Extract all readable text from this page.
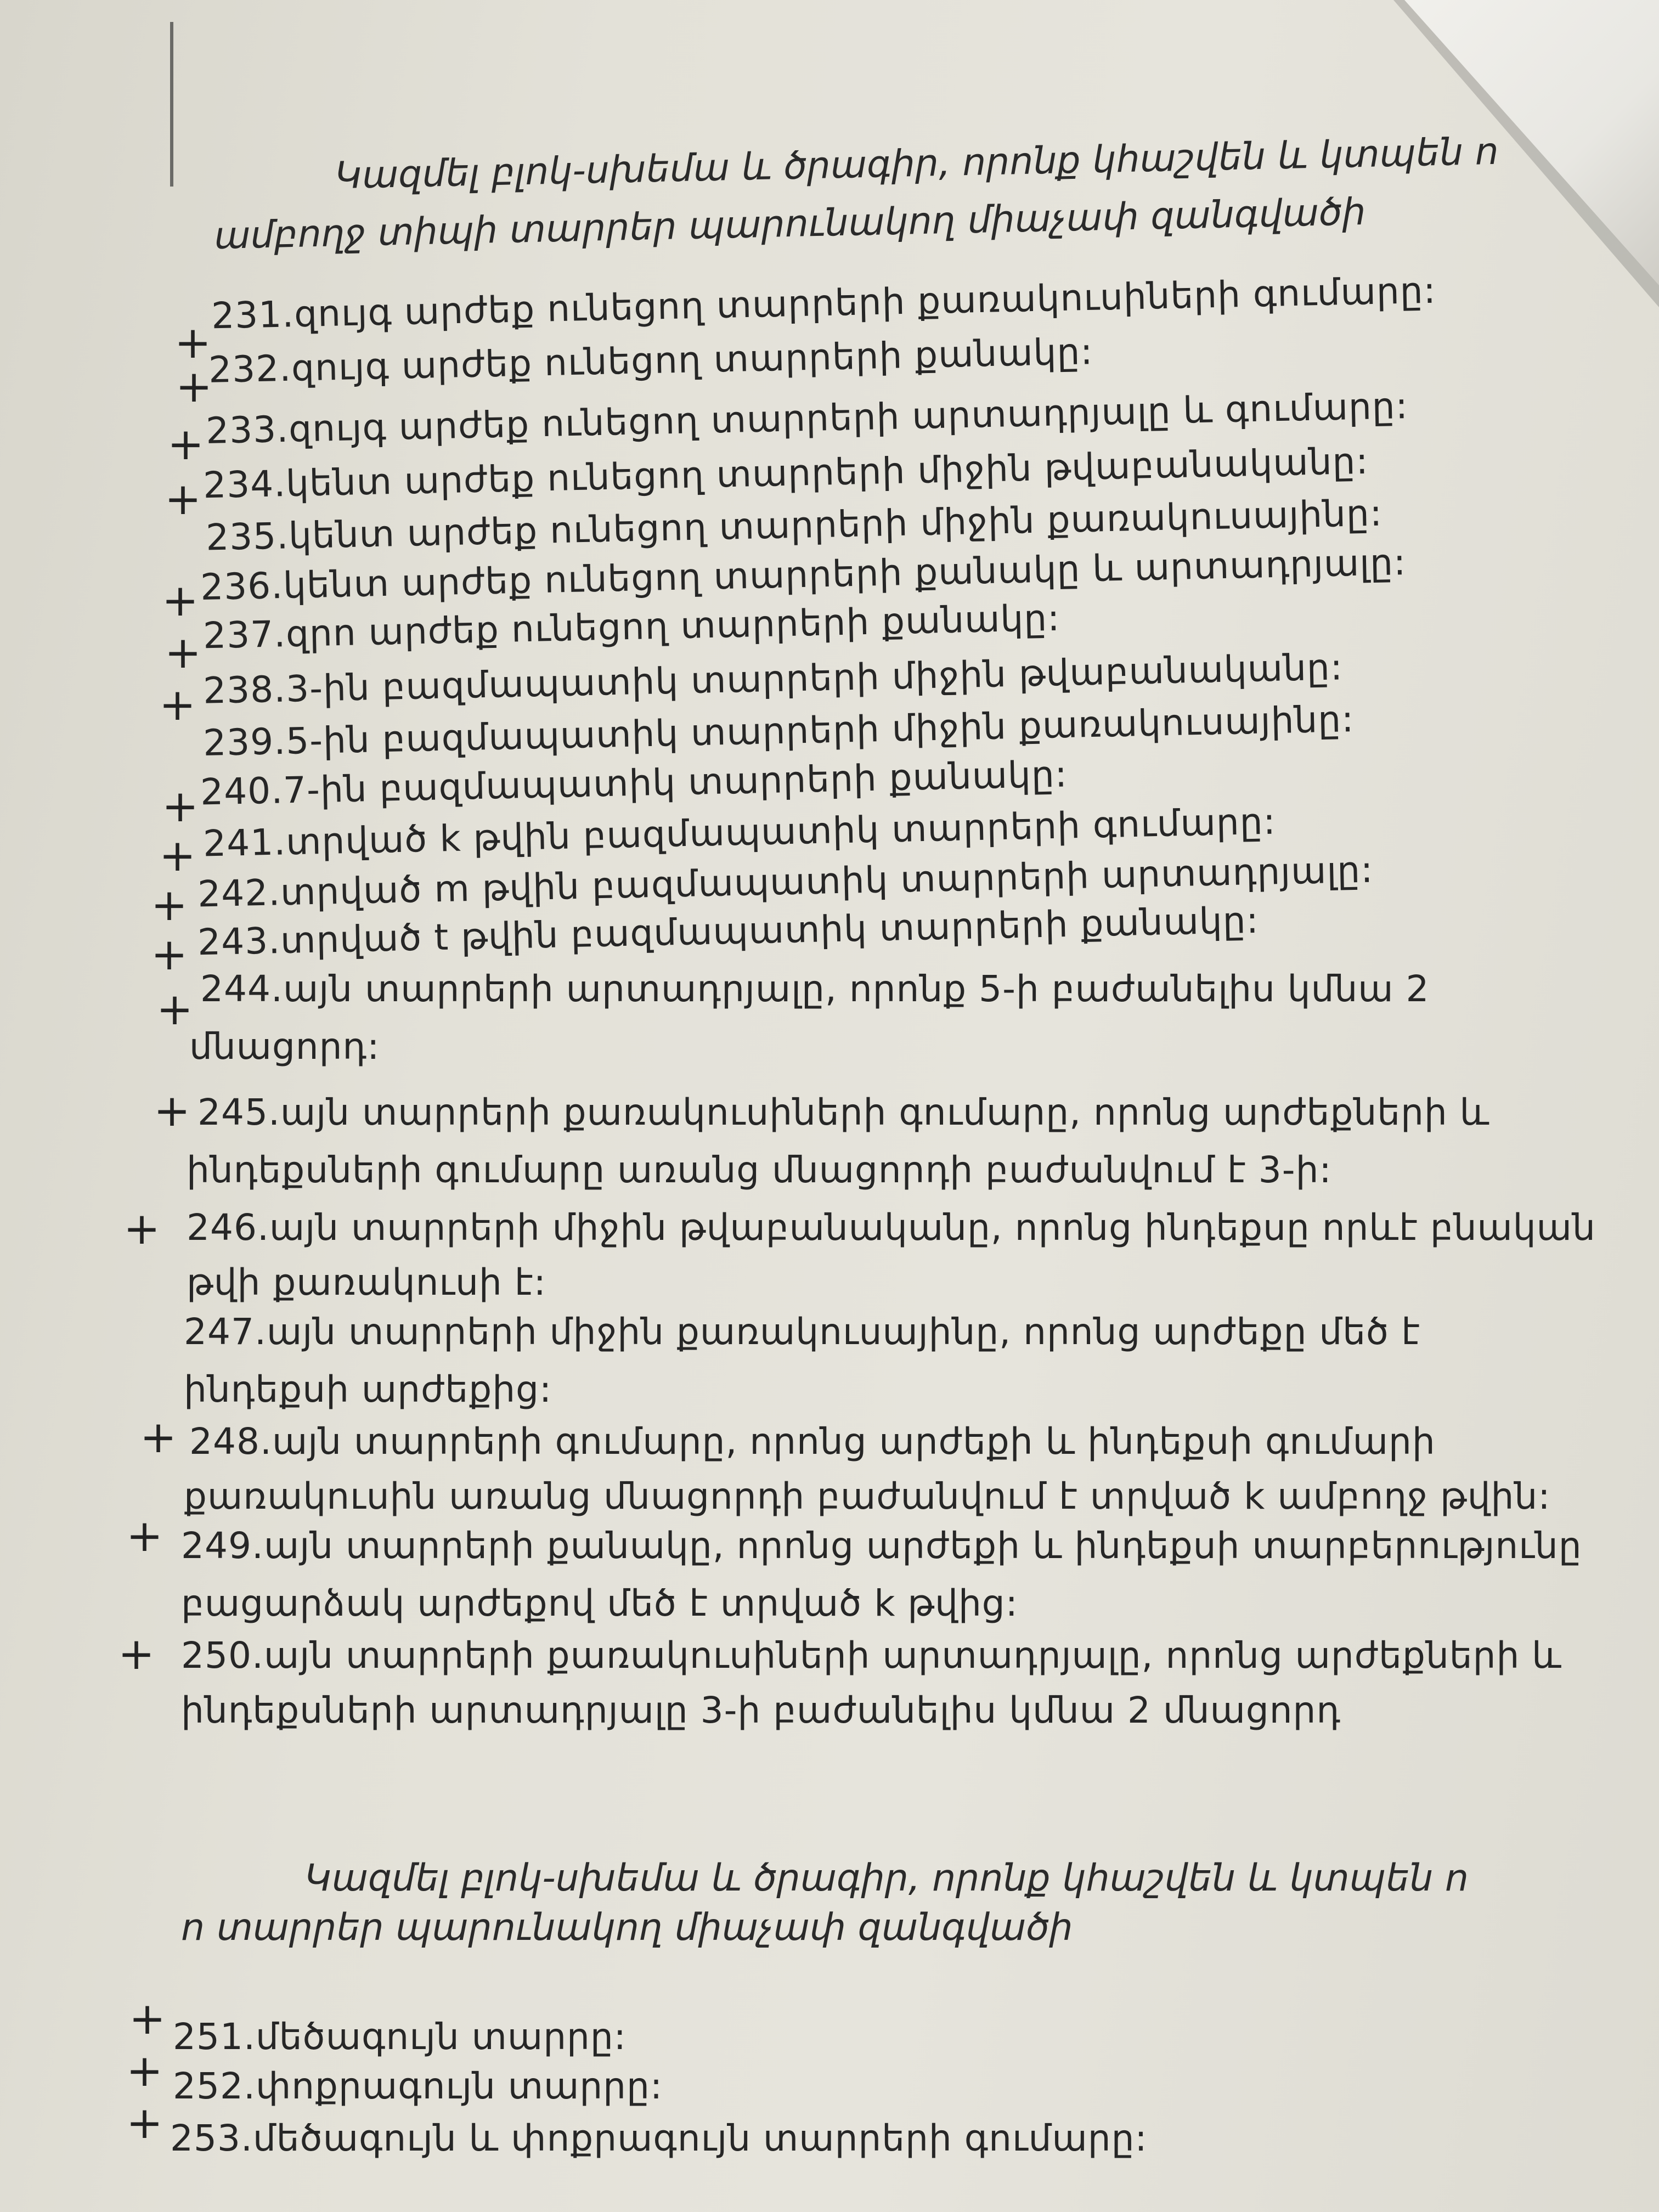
Կազմել բլոկ-սխեմա և ծրագիր, որոնք կհաշվեն և կտպեն n
ամբողջ տիպի տարրեր պարունակող միաչափ զանգվածի
+
231.զույգ արժեք ունեցող տարրերի քառակուսիների գումարը:
+
232.զույգ արժեք ունեցող տարրերի քանակը:
+ 233.զույգ արժեք ունեցող տարրերի արտադրյալը և գումարը:
+ 234.կենտ արժեք ունեցող տարրերի միջին թվաբանականը:
235.կենտ արժեք ունեցող տարրերի միջին քառակուսայինը:
+ 236.կենտ արժեք ունեցող տարրերի քանակը և արտադրյալը:
+ 237.զրո արժեք ունեցող տարրերի քանակը:
+ 238.3-ին բազմապատիկ տարրերի միջին թվաբանականը:
239.5-ին բազմապատիկ տարրերի միջին քառակուսայինը:
+ 240.7-ին բազմապատիկ տարրերի քանակը:
+ 241.տրված k թվին բազմապատիկ տարրերի գումարը:
+ 242.տրված m թվին բազմապատիկ տարրերի արտադրյալը:
+ 243.տրված t թվին բազմապատիկ տարրերի քանակը:
+ 244.այն տարրերի արտադրյալը, որոնք 5-ի բաժանելիս կմնա 2
մնացորդ:
+ 245.այն տարրերի քառակուսիների գումարը, որոնց արժեքների և
ինդեքսների գումարը առանց մնացորդի բաժանվում է 3-ի:
+ 246.այն տարրերի միջին թվաբանականը, որոնց ինդեքսը որևէ բնական
թվի քառակուսի է:
247.այն տարրերի միջին քառակուսայինը, որոնց արժեքը մեծ է
ինդեքսի արժեքից:
+ 248.այն տարրերի գումարը, որոնց արժեքի և ինդեքսի գումարի
քառակուսին առանց մնացորդի բաժանվում է տրված k ամբողջ թվին:
+ 249.այն տարրերի քանակը, որոնց արժեքի և ինդեքսի տարբերությունը
բացարձակ արժեքով մեծ է տրված k թվից:
+ 250.այն տարրերի քառակուսիների արտադրյալը, որոնց արժեքների և
ինդեքսների արտադրյալը 3-ի բաժանելիս կմնա 2 մնացորդ
Կազմել բլոկ-սխեմա և ծրագիր, որոնք կհաշվեն և կտպեն n
n տարրեր պարունակող միաչափ զանգվածի
+ 251.մեծագույն տարրը:
+ 252.փոքրագույն տարրը:
+ 253.մեծագույն և փոքրագույն տարրերի գումարը:
